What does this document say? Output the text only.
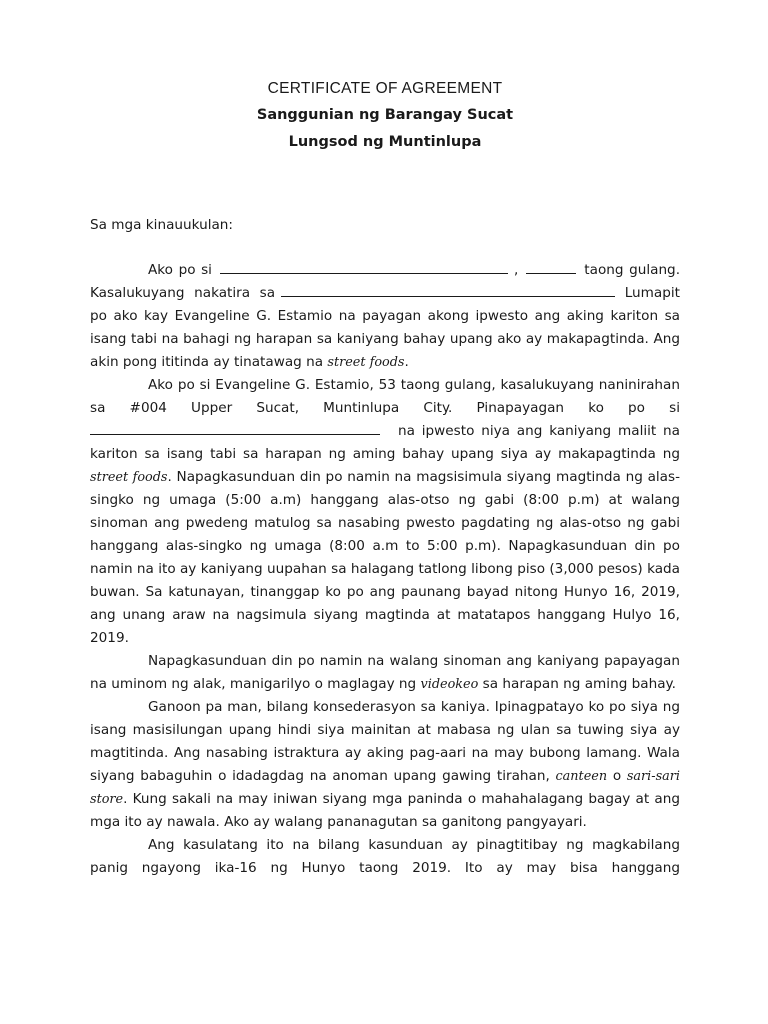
CERTIFICATE OF AGREEMENT
Sanggunian ng Barangay Sucat
Lungsod ng Muntinlupa
Sa mga kinauukulan:

Ako po si	,	taong gulang. Kasalukuyang nakatira sa	Lumapit po ako kay Evangeline G. Estamio na payagan akong ipwesto ang aking kariton sa isang tabi na bahagi ng harapan sa kaniyang bahay upang ako ay makapagtinda. Ang akin pong ititinda ay tinatawag na street foods.

Ako po si Evangeline G. Estamio, 53 taong gulang, kasalukuyang naninirahan sa #004 Upper Sucat, Muntinlupa City. Pinapayagan ko po si na ipwesto niya ang kaniyang maliit na kariton sa isang tabi sa harapan ng aming bahay upang siya ay makapagtinda ng street foods. Napagkasunduan din po namin na magsisimula siyang magtinda ng alas-singko ng umaga (5:00 a.m) hanggang alas-otso ng gabi (8:00 p.m) at walang sinoman ang pwedeng matulog sa nasabing pwesto pagdating ng alas-otso ng gabi hanggang alas-singko ng umaga (8:00 a.m to 5:00 p.m). Napagkasunduan din po namin na ito ay kaniyang uupahan sa halagang tatlong libong piso (3,000 pesos) kada buwan. Sa katunayan, tinanggap ko po ang paunang bayad nitong Hunyo 16, 2019, ang unang araw na nagsimula siyang magtinda at matatapos hanggang Hulyo 16, 2019.

Napagkasunduan din po namin na walang sinoman ang kaniyang papayagan na uminom ng alak, manigarilyo o maglagay ng videokeo sa harapan ng aming bahay.

Ganoon pa man, bilang konsederasyon sa kaniya. Ipinagpatayo ko po siya ng isang masisilungan upang hindi siya mainitan at mabasa ng ulan sa tuwing siya ay magtitinda. Ang nasabing istraktura ay aking pag-aari na may bubong lamang. Wala siyang babaguhin o idadagdag na anoman upang gawing tirahan, canteen o sari-sari store. Kung sakali na may iniwan siyang mga paninda o mahahalagang bagay at ang mga ito ay nawala. Ako ay walang pananagutan sa ganitong pangyayari.

Ang kasulatang ito na bilang kasunduan ay pinagtitibay ng magkabilang panig ngayong ika-16 ng Hunyo taong 2019. Ito ay may bisa hanggang
